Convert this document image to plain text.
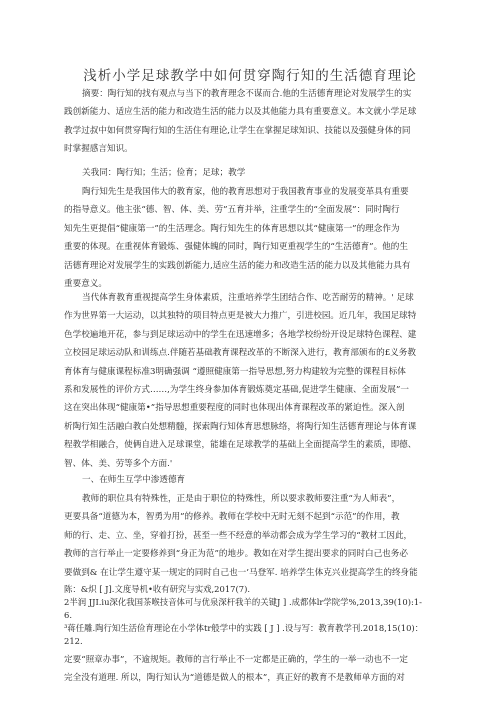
浅析小学足球教学中如何贯穿陶行知的生活德育理论
摘要：陶行知的找有观点与当下的教育理念不谋而合.他的生活德育理论对发展学生的实
践创新能力、适应生活的能力和改造生活的能力以及其他能力具有重要意义。本文就小学足球
教学过叔中如何贯穿陶行知的生活住有理论,让学生在掌握足球知识、技能以及强健身体的同
时掌握感言知识。
关我同：陶行知；生活；俭育；足球；教学
陶行知先生是我国伟大的教育家，他的教育思想对于我国教育事业的发展变革具有重要
的指导意义。他主张“德、智、体、美、劳”五育并举，注重学生的“全面发展”：同时陶行
知先生更提倡“健康第一”的生活理念。陶行知先生的体育思想以其“健康第一”的理念作为
重要的体现。在重视体育锻炼、强健体魄的同时，陶行知更重视学生的“生活德育”。他的生
活德育理论对发展学生的实践创新能力,适应生活的能力和改造生活的能力以及其他能力具有
重要意义。
当代体育教育重视提高学生身体素质，注重培养学生团结合作、吃苦耐劳的精神。' 足球
作为世界第一大运动，以其独特的项目特点更是被大力推广，引进校园。近几年，我国足球特
色学校遍地开花，参与到足球运动中的学生在迅速增多；各地学校纷纷开设足球特色课程、建
立校园足球运动队和训练点.伴随若基础教育课程改革的不断深入进行，教育部颁布的£义务教
育体育与健康课程标准3明确强调 “遵照健康第一指导思想,努力构建较为完整的课程目标体
系和发展性的评价方式……,为学生终身参加体育锻炼奠定基础,促进学生健康、全面发展”一
这在突出体现“健康第•”指导思想重要程度的同时也体现出体育课程改革的紧迫性。深入剖
析陶行知生活融白教白处想精髓，探索陶行知体育思想脉络，将陶行知生活德育理论与体育课
程教学相融合，使俩自进入足球课堂，能雄在足球教学的基础上全面提高学生的素质，即德、
智、体、美、劳等多个方面.'
一、在师生互学中渗透德育
教师的职位具有特殊性，正是由于职位的特殊性，所以要求教师要注重“为人师表”，
更要具备“道德为本，智勇为用”的修养。教师在学校中无时无刻不起到“示范”的作用，教
师的行、走、立、坐，穿着打扮，甚至一些不经意的举动都会成为学生学习的“教材工因此，
教师的言行举止一定要修养到“身正为范”的地步。教如在对学生提出要求的同时白己也务必
要做到& 在让学生遵守某一规定的同时自己也一’马登军. 培养学生体克兴业提高学生的终身能
陈：&炽 [ J].文度导机•收有研究与实戏,2017(7).
2半润 JJI.iu深化我国茶喉技音体可与优泉深杆我羊的关键J ] .成都体lr学院学%,2013,39(10):1-
6.
³蒋任雕.陶行知生活俭育理论在小学体tr般学中的实践 [ J ] .设与写：教育教学刊.2018,15(10)：
212.
定要“照章办事”，不逾规矩。教师的言行举止不一定都是正确的，学生的一举一动也不一定
完全没有道理. 所以，陶行知认为“道德是做人的根本”，真正好的教育不是教师单方面的对
